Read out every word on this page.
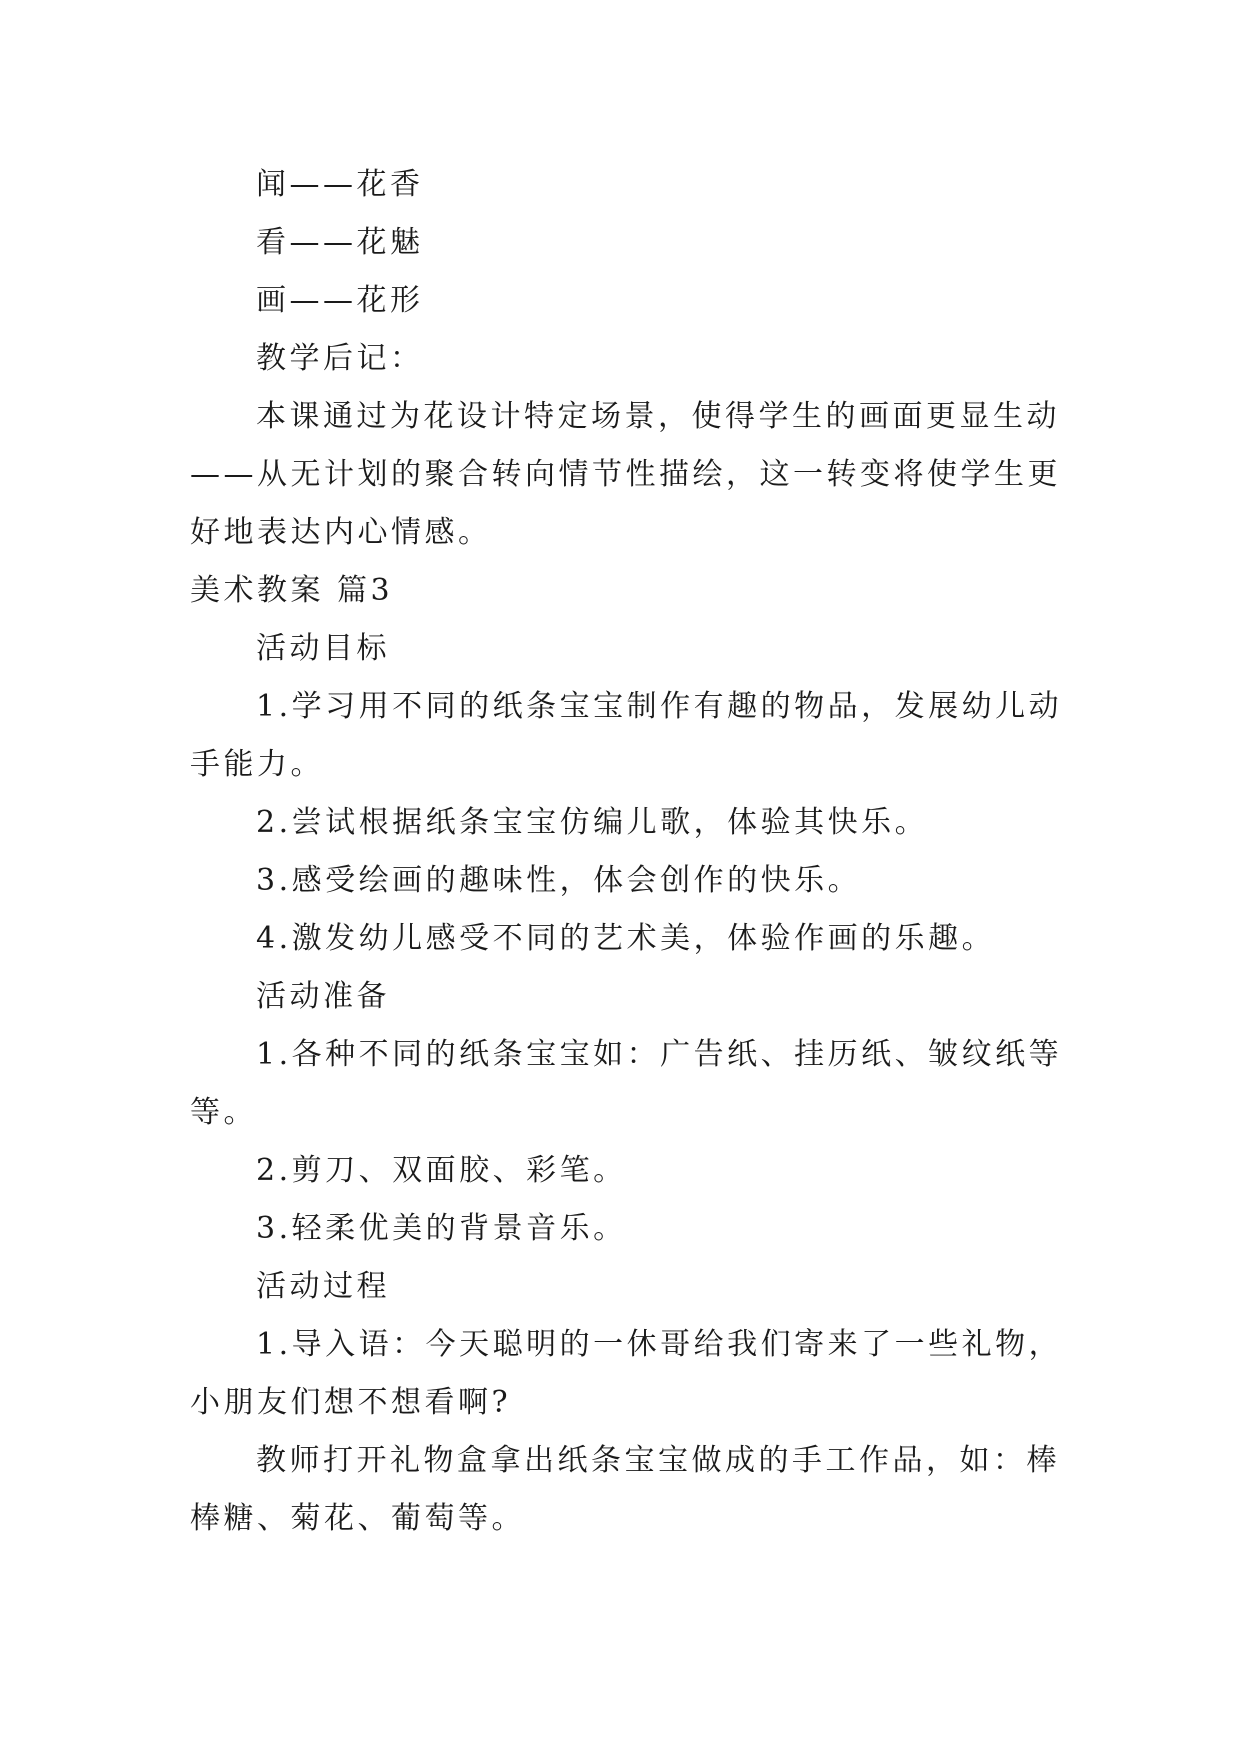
闻——花香
看——花魅
画——花形
教学后记：
本课通过为花设计特定场景，使得学生的画面更显生动
——从无计划的聚合转向情节性描绘，这一转变将使学生更
好地表达内心情感。
美术教案 篇3
活动目标
1.学习用不同的纸条宝宝制作有趣的物品，发展幼儿动
手能力。
2.尝试根据纸条宝宝仿编儿歌，体验其快乐。
3.感受绘画的趣味性，体会创作的快乐。
4.激发幼儿感受不同的艺术美，体验作画的乐趣。
活动准备
1.各种不同的纸条宝宝如：广告纸、挂历纸、皱纹纸等
等。
2.剪刀、双面胶、彩笔。
3.轻柔优美的背景音乐。
活动过程
1.导入语：今天聪明的一休哥给我们寄来了一些礼物，
小朋友们想不想看啊?
教师打开礼物盒拿出纸条宝宝做成的手工作品，如：棒
棒糖、菊花、葡萄等。
